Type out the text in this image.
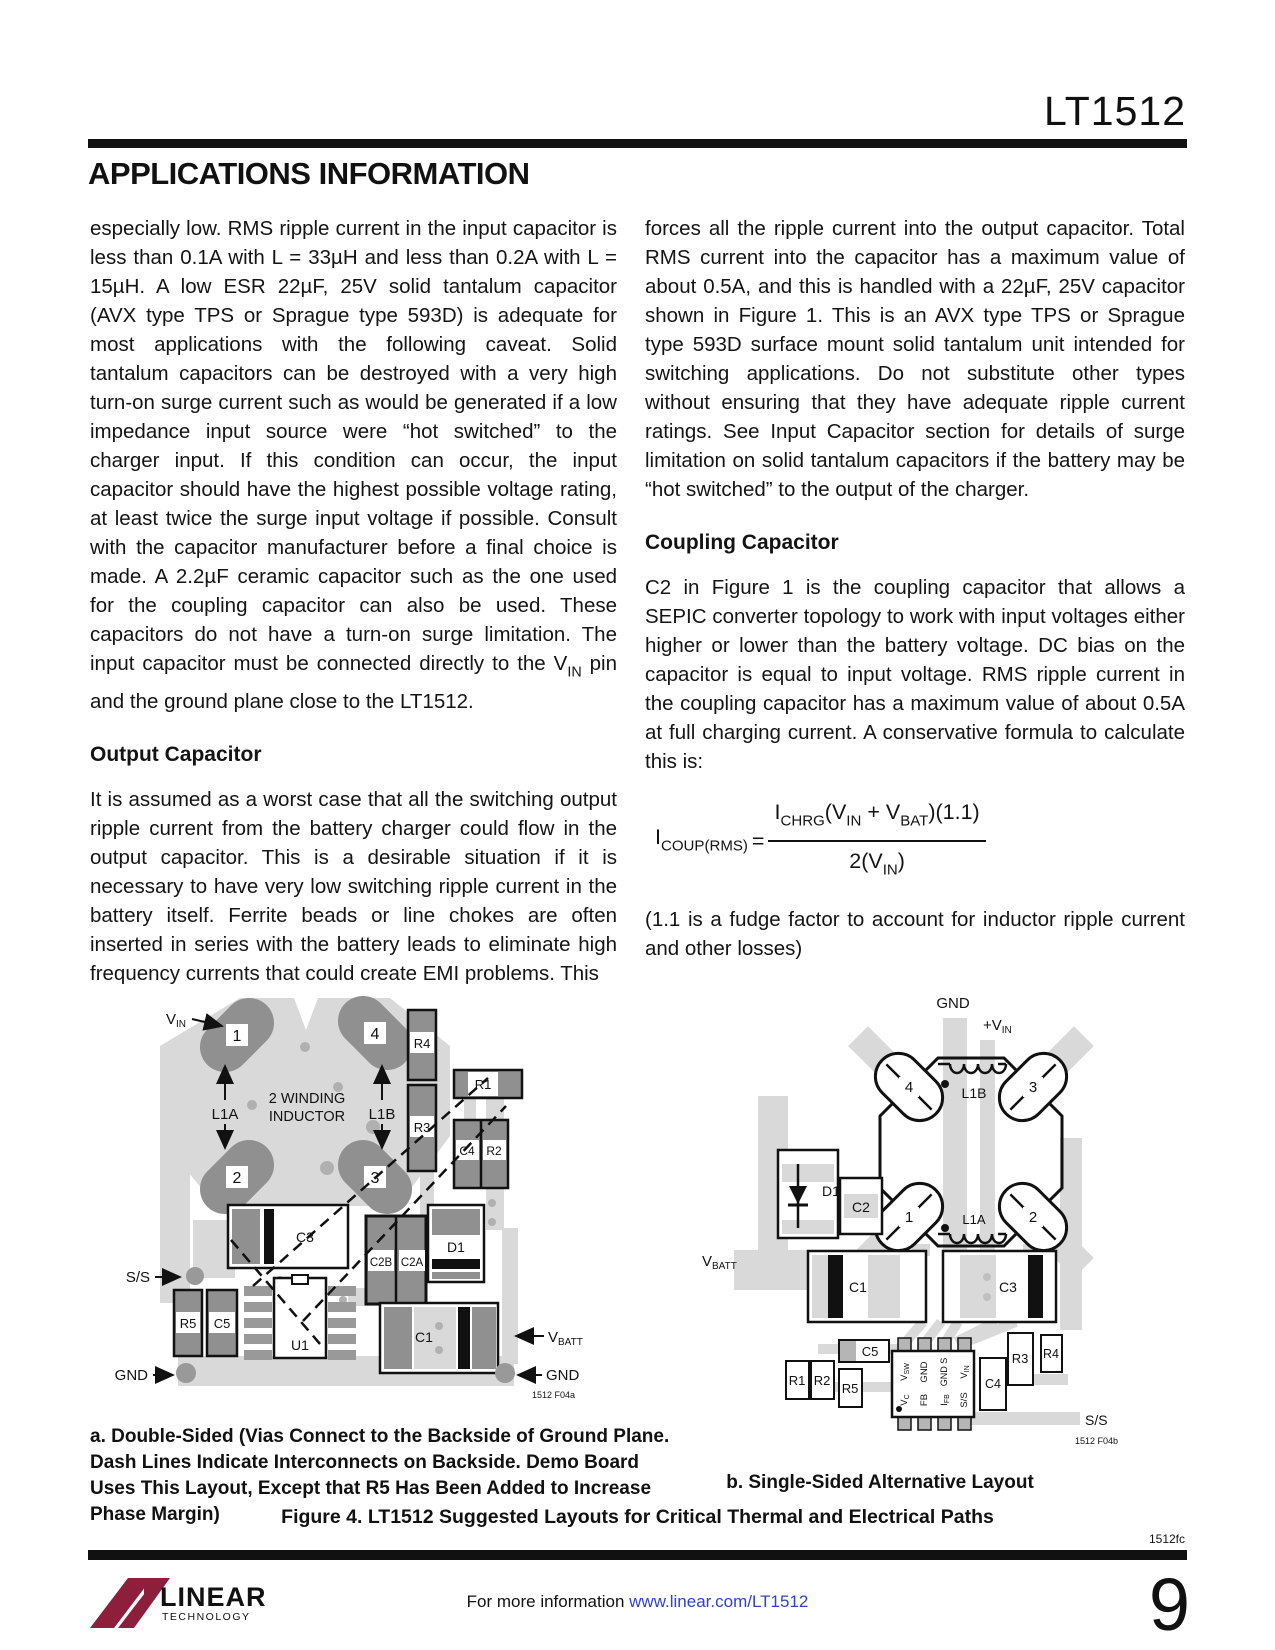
LT1512
APPLICATIONS INFORMATION

especially low. RMS ripple current in the input capacitor is less than 0.1A with L = 33µH and less than 0.2A with L = 15µH. A low ESR 22µF, 25V solid tantalum capacitor (AVX type TPS or Sprague type 593D) is adequate for most applications with the following caveat. Solid tantalum capacitors can be destroyed with a very high turn-on surge current such as would be generated if a low impedance input source were “hot switched” to the charger input. If this condition can occur, the input capacitor should have the highest possible voltage rating, at least twice the surge input voltage if possible. Consult with the capacitor manufacturer before a final choice is made. A 2.2µF ceramic capacitor such as the one used for the coupling capacitor can also be used. These capacitors do not have a turn-on surge limitation. The input capacitor must be connected directly to the $V_{IN}$ pin and the ground plane close to the LT1512.

Output Capacitor

It is assumed as a worst case that all the switching output ripple current from the battery charger could flow in the output capacitor. This is a desirable situation if it is necessary to have very low switching ripple current in the battery itself. Ferrite beads or line chokes are often inserted in series with the battery leads to eliminate high frequency currents that could create EMI problems. This

forces all the ripple current into the output capacitor. Total RMS current into the capacitor has a maximum value of about 0.5A, and this is handled with a 22µF, 25V capacitor shown in Figure 1. This is an AVX type TPS or Sprague type 593D surface mount solid tantalum unit intended for switching applications. Do not substitute other types without ensuring that they have adequate ripple current ratings. See Input Capacitor section for details of surge limitation on solid tantalum capacitors if the battery may be “hot switched” to the output of the charger.

Coupling Capacitor

C2 in Figure 1 is the coupling capacitor that allows a SEPIC converter topology to work with input voltages either higher or lower than the battery voltage. DC bias on the capacitor is equal to input voltage. RMS ripple current in the coupling capacitor has a maximum value of about 0.5A at full charging current. A conservative formula to calculate this is:

$I_{COUP(RMS)} = \frac{I_{CHRG}(V_{IN} + V_{BAT})(1.1)}{2(V_{IN})}$

(1.1 is a fudge factor to account for inductor ripple current and other losses)

1	4
2	3
L1A	L1B
2 WINDING
INDUCTOR
$V_{IN}$
R4
R1
R3
C4 R2
C3
C2B C2A
D1
S/S
R5 C5
U1	C1	$V_{BATT}$
GND	GND
1512 F04a
GND
$+V_{IN}$
L1B
L1A
4	3
1	2
D1
C2
$V_{BATT}$
+ C1	C3 +
C5
R1 R2
R5
$V_{SW}$ GND GND S $V_{IN}$
$V_C$ FB $I_{FB}$ S/S
C4
R3 R4
S/S
1512 F04b
a. Double-Sided (Vias Connect to the Backside of Ground Plane. Dash Lines Indicate Interconnects on Backside. Demo Board Uses This Layout, Except that R5 Has Been Added to Increase Phase Margin)
b. Single-Sided Alternative Layout
Figure 4. LT1512 Suggested Layouts for Critical Thermal and Electrical Paths
1512fc
LINEAR
TECHNOLOGY
For more information www.linear.com/LT1512	9
